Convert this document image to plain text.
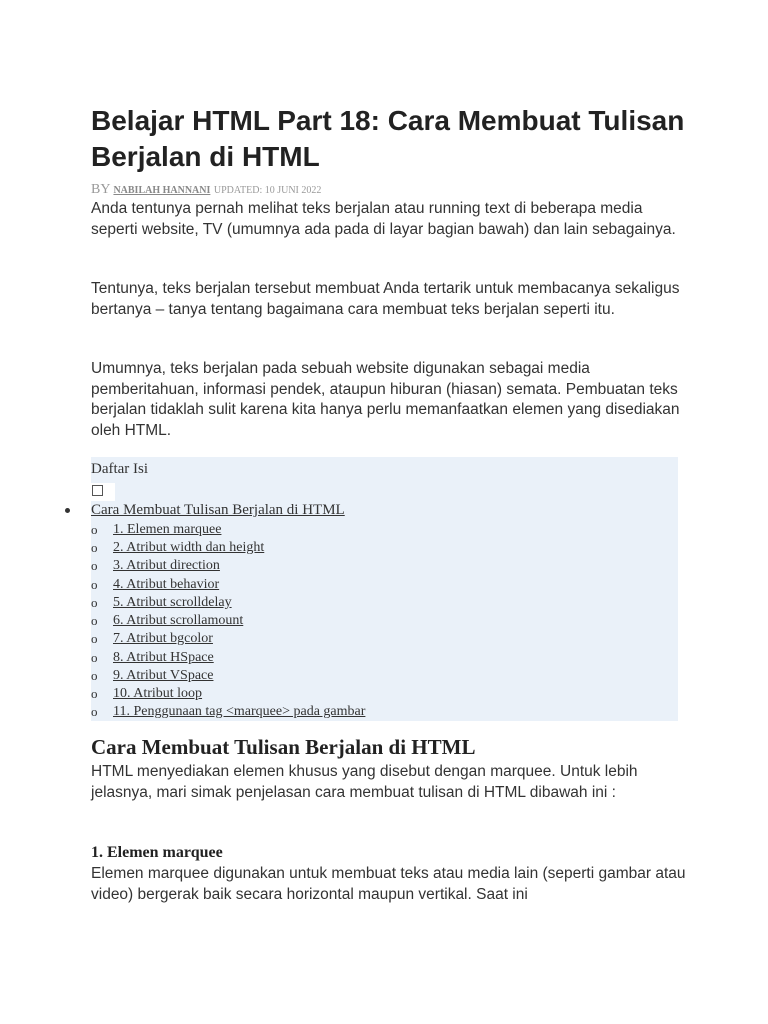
Belajar HTML Part 18: Cara Membuat Tulisan Berjalan di HTML
BY NABILAH HANNANI UPDATED: 10 JUNI 2022

Anda tentunya pernah melihat teks berjalan atau running text di beberapa media seperti website, TV (umumnya ada pada di layar bagian bawah) dan lain sebagainya.

Tentunya, teks berjalan tersebut membuat Anda tertarik untuk membacanya sekaligus bertanya – tanya tentang bagaimana cara membuat teks berjalan seperti itu.

Umumnya, teks berjalan pada sebuah website digunakan sebagai media pemberitahuan, informasi pendek, ataupun hiburan (hiasan) semata. Pembuatan teks berjalan tidaklah sulit karena kita hanya perlu memanfaatkan elemen yang disediakan oleh HTML.

Daftar Isi
Cara Membuat Tulisan Berjalan di HTML
o 1. Elemen marquee
o 2. Atribut width dan height
o 3. Atribut direction
o 4. Atribut behavior
o 5. Atribut scrolldelay
o 6. Atribut scrollamount
o 7. Atribut bgcolor
o 8. Atribut HSpace
o 9. Atribut VSpace
o 10. Atribut loop
o 11. Penggunaan tag <marquee> pada gambar
Cara Membuat Tulisan Berjalan di HTML

HTML menyediakan elemen khusus yang disebut dengan marquee. Untuk lebih jelasnya, mari simak penjelasan cara membuat tulisan di HTML dibawah ini :

1. Elemen marquee

Elemen marquee digunakan untuk membuat teks atau media lain (seperti gambar atau video) bergerak baik secara horizontal maupun vertikal. Saat ini
